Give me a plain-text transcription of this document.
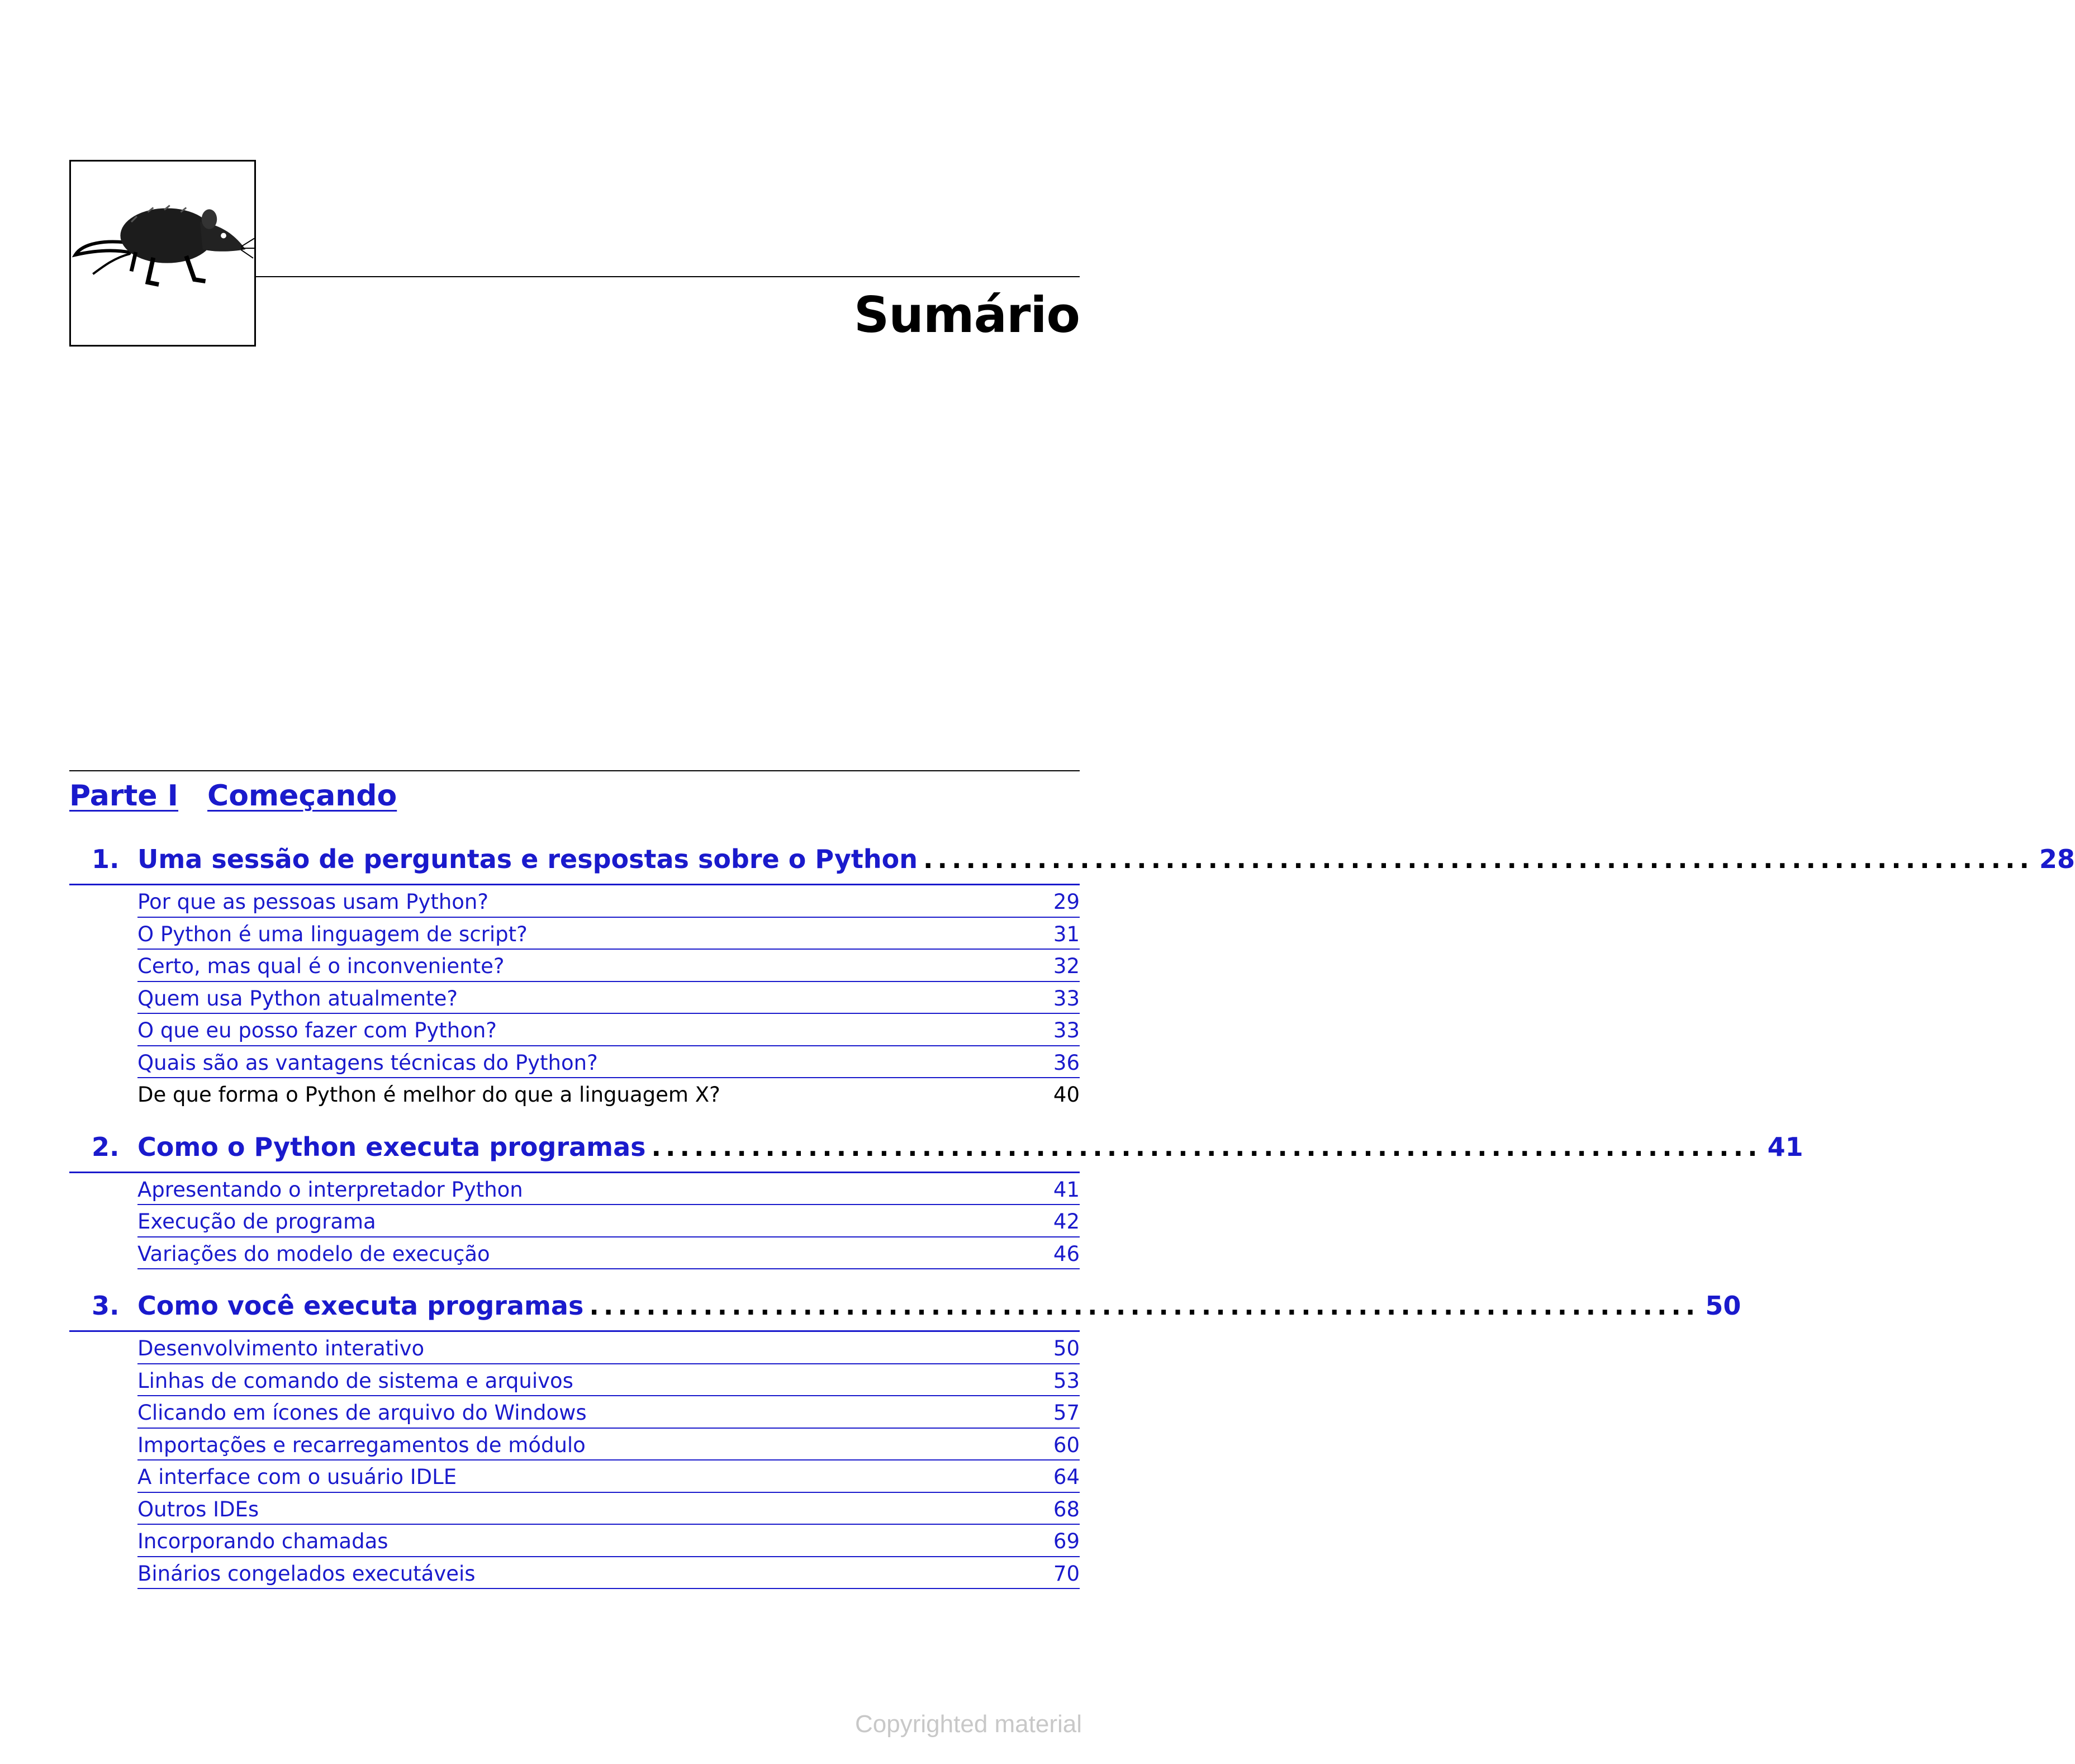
Sumário
Parte I Começando
1. Uma sessão de perguntas e respostas sobre o Python .............................................................................. 28
Por que as pessoas usam Python?	29
O Python é uma linguagem de script?	31
Certo, mas qual é o inconveniente?	32
Quem usa Python atualmente?	33
O que eu posso fazer com Python?	33
Quais são as vantagens técnicas do Python?	36
De que forma o Python é melhor do que a linguagem X?	40
2. Como o Python executa programas .............................................................................. 41
Apresentando o interpretador Python	41
Execução de programa	42
Variações do modelo de execução	46
3. Como você executa programas .............................................................................. 50
Desenvolvimento interativo	50
Linhas de comando de sistema e arquivos	53
Clicando em ícones de arquivo do Windows	57
Importações e recarregamentos de módulo	60
A interface com o usuário IDLE	64
Outros IDEs	68
Incorporando chamadas	69
Binários congelados executáveis	70
Copyrighted material
